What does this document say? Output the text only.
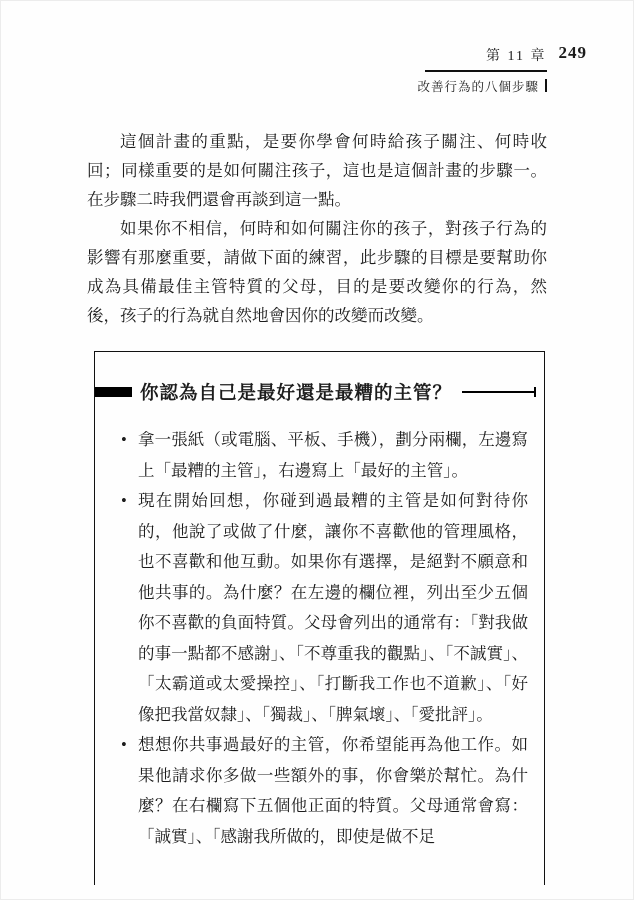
第 11 章
改善行為的八個步驟
249

這個計畫的重點，是要你學會何時給孩子關注、何時收回；同樣重要的是如何關注孩子，這也是這個計畫的步驟一。在步驟二時我們還會再談到這一點。

如果你不相信，何時和如何關注你的孩子，對孩子行為的影響有那麼重要，請做下面的練習，此步驟的目標是要幫助你成為具備最佳主管特質的父母，目的是要改變你的行為，然後，孩子的行為就自然地會因你的改變而改變。

你認為自己是最好還是最糟的主管？
• 拿一張紙（或電腦、平板、手機），劃分兩欄，左邊寫上「最糟的主管」，右邊寫上「最好的主管」。
• 現在開始回想，你碰到過最糟的主管是如何對待你的，他說了或做了什麼，讓你不喜歡他的管理風格，也不喜歡和他互動。如果你有選擇，是絕對不願意和他共事的。為什麼？在左邊的欄位裡，列出至少五個你不喜歡的負面特質。父母會列出的通常有：「對我做的事一點都不感謝」、「不尊重我的觀點」、「不誠實」、「太霸道或太愛操控」、「打斷我工作也不道歉」、「好像把我當奴隸」、「獨裁」、「脾氣壞」、「愛批評」。
• 想想你共事過最好的主管，你希望能再為他工作。如果他請求你多做一些額外的事，你會樂於幫忙。為什麼？在右欄寫下五個他正面的特質。父母通常會寫：「誠實」、「感謝我所做的，即使是做不足
